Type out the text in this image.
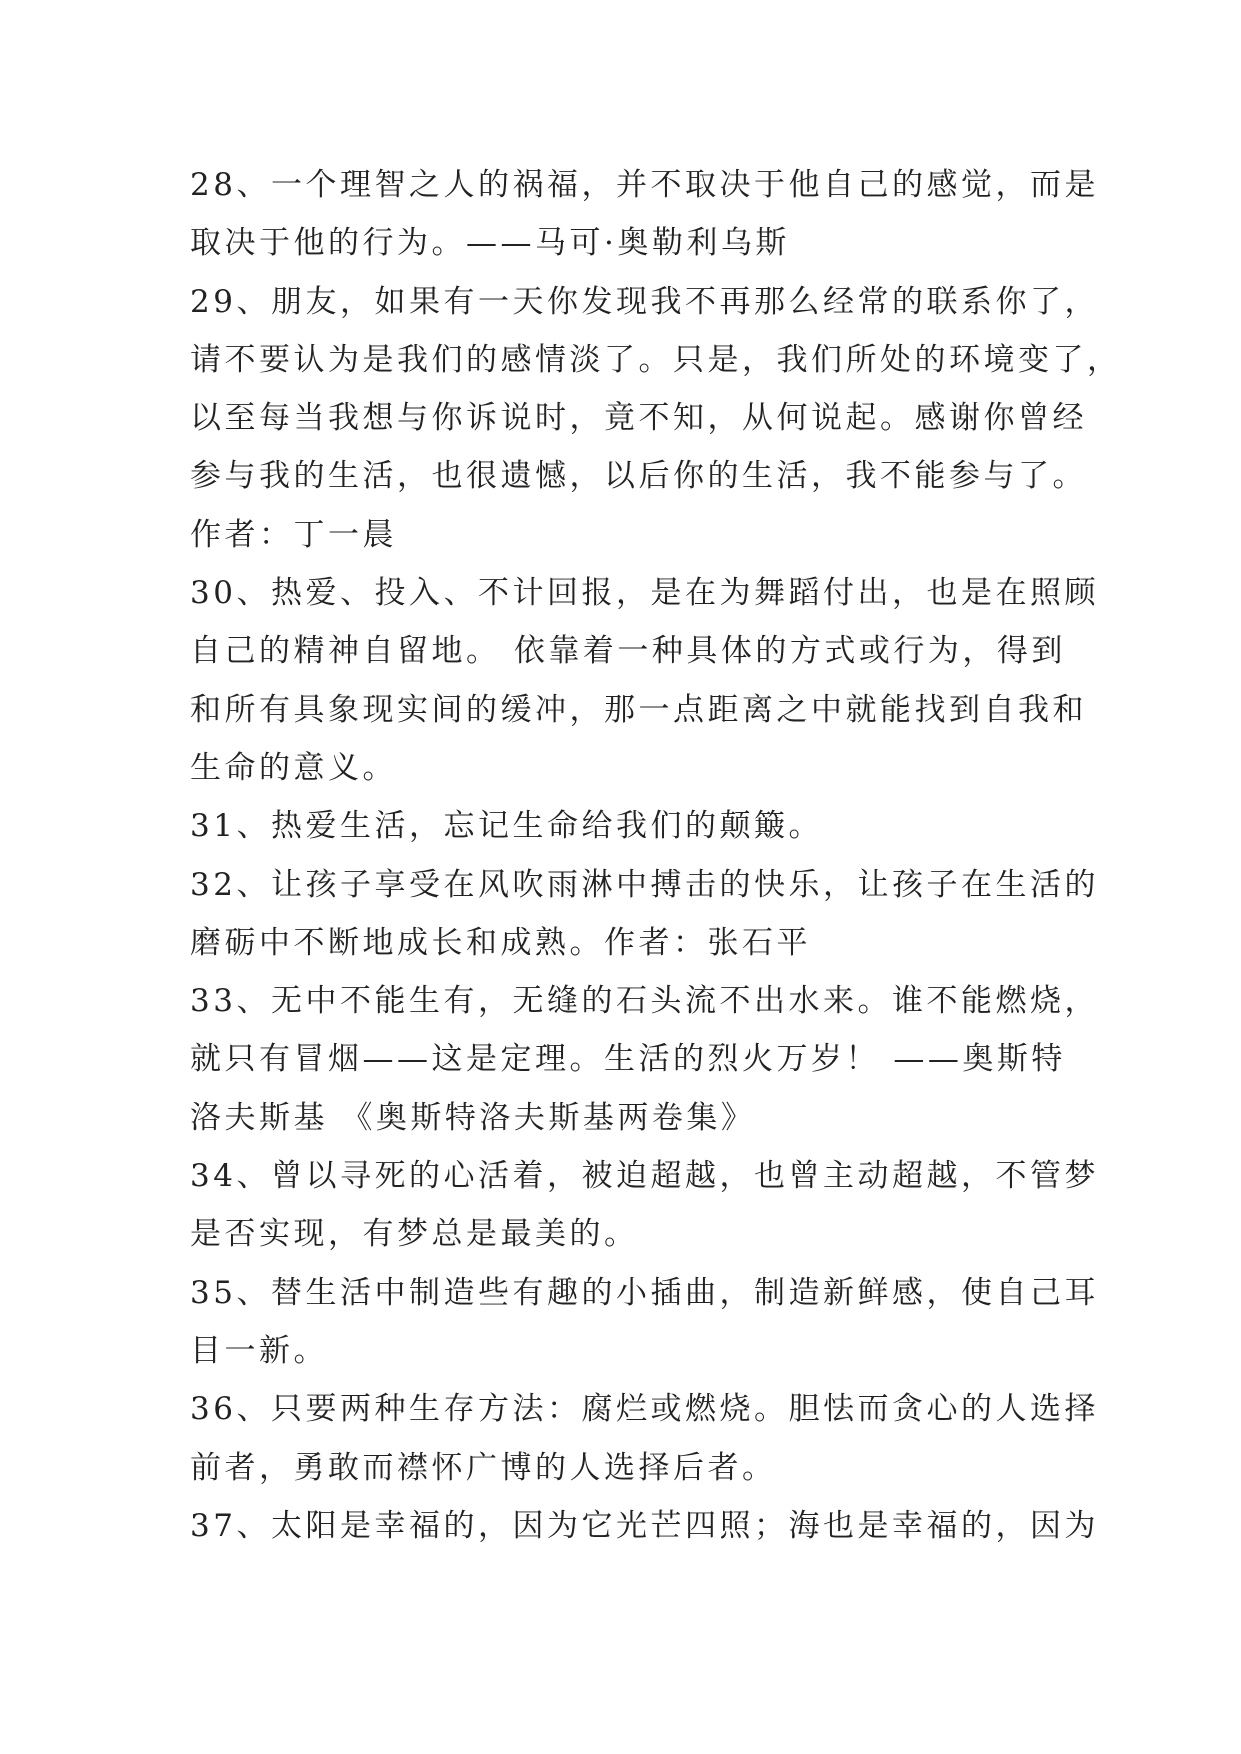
28、一个理智之人的祸福，并不取决于他自己的感觉，而是
取决于他的行为。——马可·奥勒利乌斯
29、朋友，如果有一天你发现我不再那么经常的联系你了，
请不要认为是我们的感情淡了。只是，我们所处的环境变了，
以至每当我想与你诉说时，竟不知，从何说起。感谢你曾经
参与我的生活，也很遗憾，以后你的生活，我不能参与了。
作者：丁一晨
30、热爱、投入、不计回报，是在为舞蹈付出，也是在照顾
自己的精神自留地。 依靠着一种具体的方式或行为，得到
和所有具象现实间的缓冲，那一点距离之中就能找到自我和
生命的意义。
31、热爱生活，忘记生命给我们的颠簸。
32、让孩子享受在风吹雨淋中搏击的快乐，让孩子在生活的
磨砺中不断地成长和成熟。作者：张石平
33、无中不能生有，无缝的石头流不出水来。谁不能燃烧，
就只有冒烟——这是定理。生活的烈火万岁！ ——奥斯特
洛夫斯基 《奥斯特洛夫斯基两卷集》
34、曾以寻死的心活着，被迫超越，也曾主动超越，不管梦
是否实现，有梦总是最美的。
35、替生活中制造些有趣的小插曲，制造新鲜感，使自己耳
目一新。
36、只要两种生存方法：腐烂或燃烧。胆怯而贪心的人选择
前者，勇敢而襟怀广博的人选择后者。
37、太阳是幸福的，因为它光芒四照；海也是幸福的，因为
